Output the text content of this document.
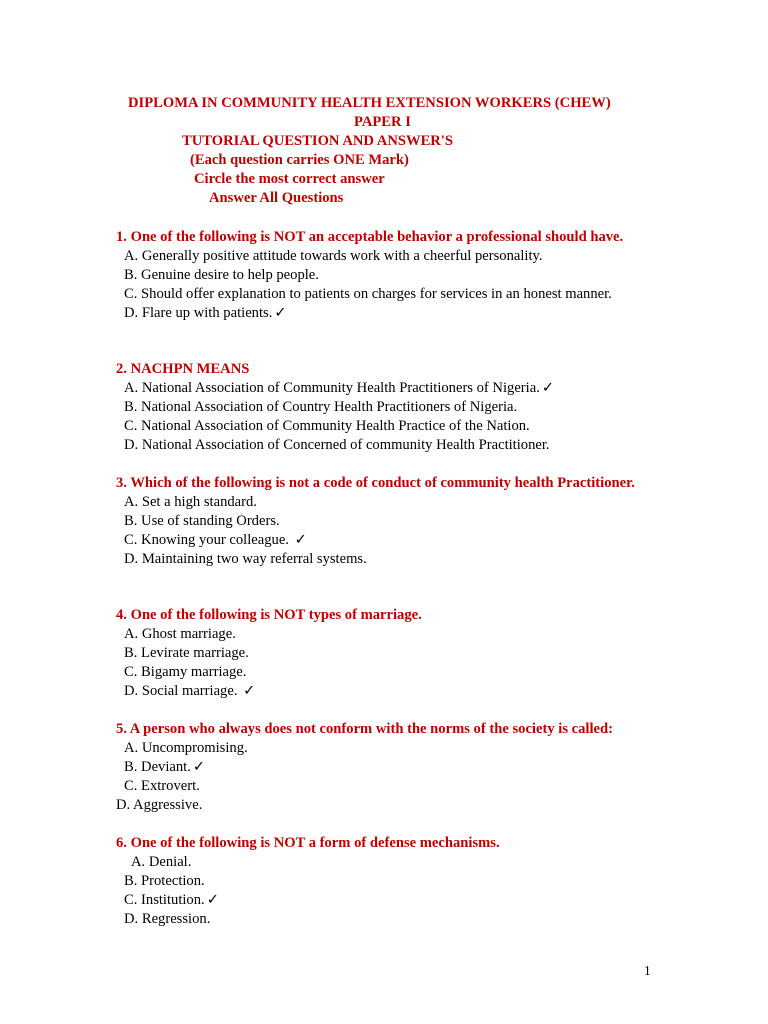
DIPLOMA IN COMMUNITY HEALTH EXTENSION WORKERS (CHEW)
PAPER I
TUTORIAL QUESTION AND ANSWER'S
(Each question carries ONE Mark)
Circle the most correct answer
Answer All Questions

1. One of the following is NOT an acceptable behavior a professional should have.

A. Generally positive attitude towards work with a cheerful personality.
B. Genuine desire to help people.
C. Should offer explanation to patients on charges for services in an honest manner.
D. Flare up with patients. ✓

2. NACHPN MEANS

A. National Association of Community Health Practitioners of Nigeria. ✓
B. National Association of Country Health Practitioners of Nigeria.
C. National Association of Community Health Practice of the Nation.
D. National Association of Concerned of community Health Practitioner.

3. Which of the following is not a code of conduct of community health Practitioner.

A. Set a high standard.
B. Use of standing Orders.
C. Knowing your colleague. ✓
D. Maintaining two way referral systems.

4. One of the following is NOT types of marriage.

A. Ghost marriage.
B. Levirate marriage.
C. Bigamy marriage.
D. Social marriage. ✓

5. A person who always does not conform with the norms of the society is called:

A. Uncompromising.
B. Deviant. ✓
C. Extrovert.
D. Aggressive.

6. One of the following is NOT a form of defense mechanisms.

A. Denial.
B. Protection.
C. Institution. ✓
D. Regression.
1
